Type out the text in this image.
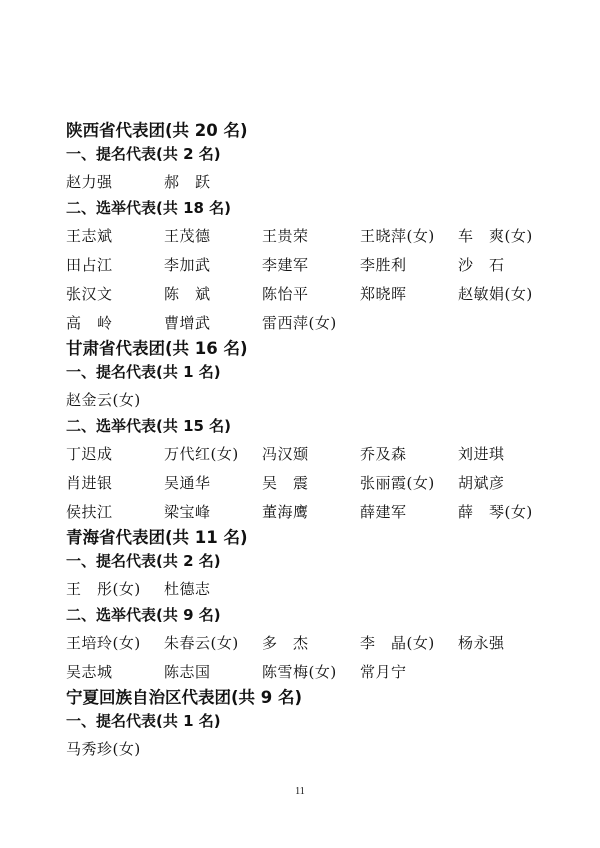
陕西省代表团(共 20 名)
一、提名代表(共 2 名)
赵力强	郝　跃
二、选举代表(共 18 名)
王志斌	王茂德	王贵荣	王晓萍(女)	车　爽(女)
田占江	李加武	李建军	李胜利	沙　石
张汉文	陈　斌	陈怡平	郑晓晖	赵敏娟(女)
高　岭	曹增武	雷西萍(女)
甘肃省代表团(共 16 名)
一、提名代表(共 1 名)
赵金云(女)
二、选举代表(共 15 名)
丁迟成	万代红(女)	冯汉颋	乔及森	刘进琪
肖进银	吴通华	吴　震	张丽霞(女)	胡斌彦
侯扶江	梁宝峰	董海鹰	薛建军	薛　琴(女)
青海省代表团(共 11 名)
一、提名代表(共 2 名)
王　彤(女)	杜德志
二、选举代表(共 9 名)
王培玲(女)	朱春云(女)	多　杰	李　晶(女)	杨永强
吴志城	陈志国	陈雪梅(女)	常月宁
宁夏回族自治区代表团(共 9 名)
一、提名代表(共 1 名)
马秀珍(女)
11
